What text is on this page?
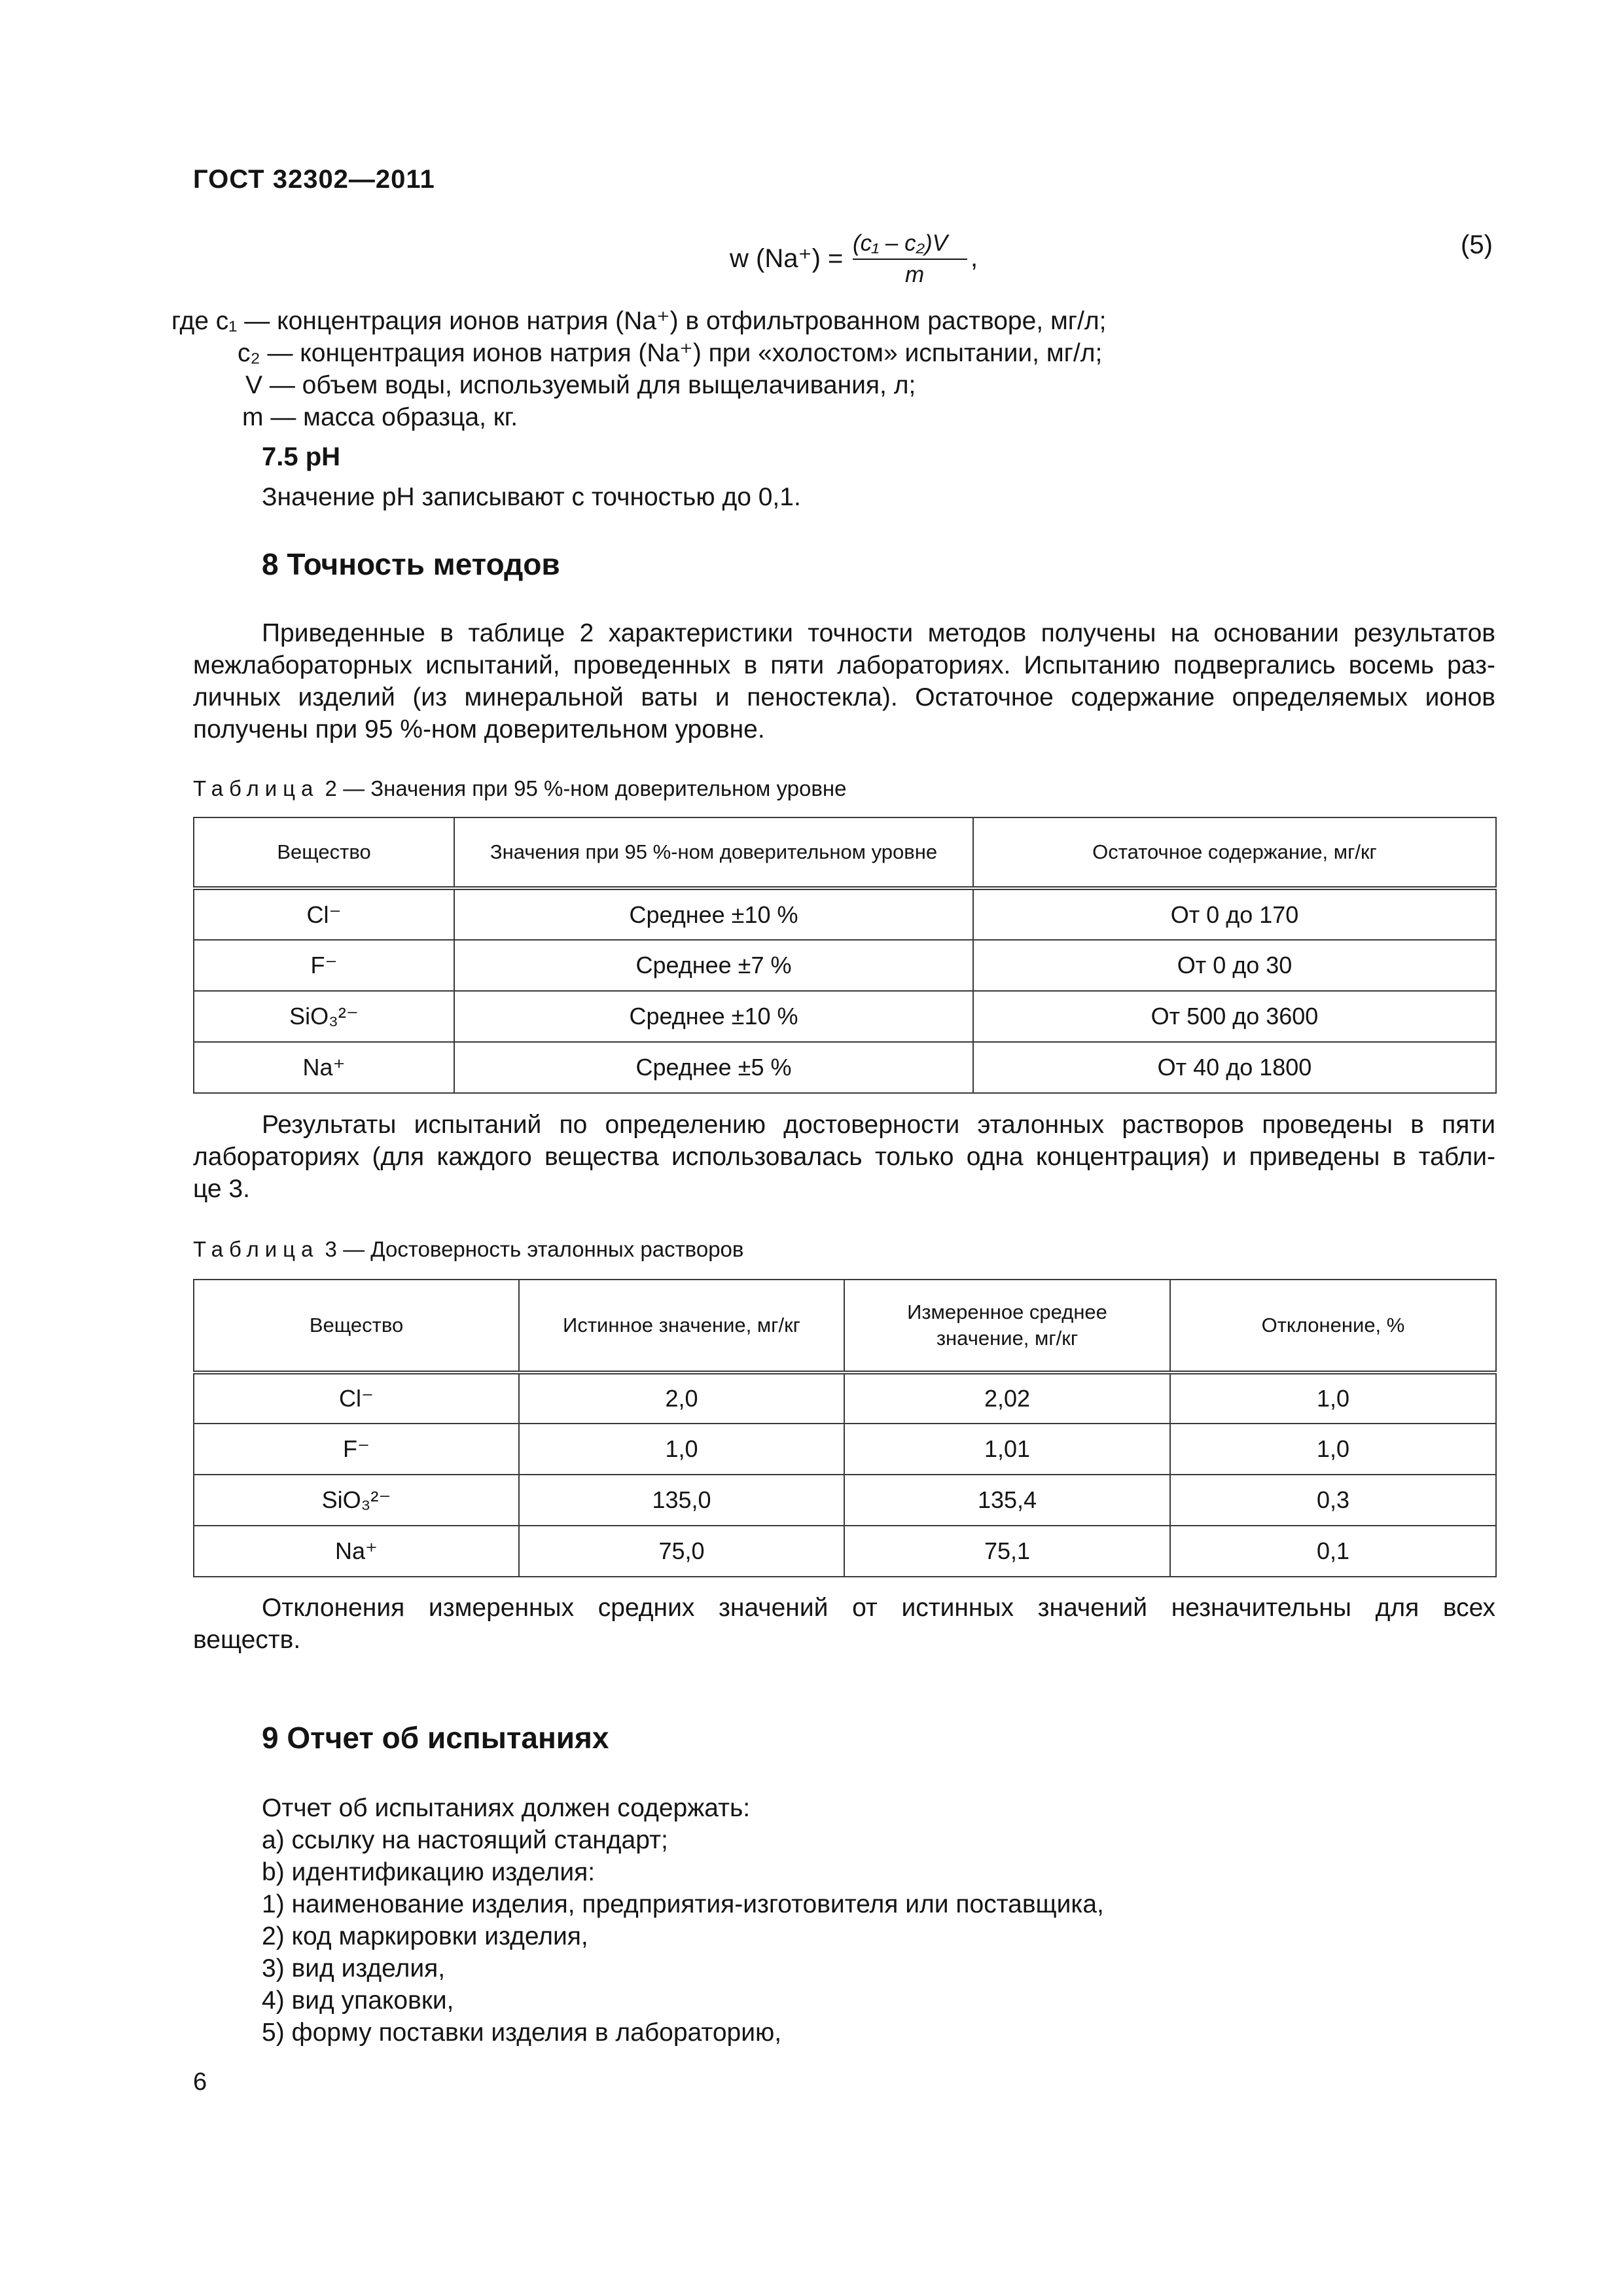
ГОСТ 32302—2011
w (Na⁺) =
(c₁ – c₂)V
m
,	(5)
где c₁ — концентрация ионов натрия (Na⁺) в отфильтрованном растворе, мг/л;
c₂ — концентрация ионов натрия (Na⁺) при «холостом» испытании, мг/л;
V — объем воды, используемый для выщелачивания, л;
m — масса образца, кг.
7.5 pH
Значение pH записывают с точностью до 0,1.
8 Точность методов
Приведенные в таблице 2 характеристики точности методов получены на основании результатов
межлабораторных испытаний, проведенных в пяти лабораториях. Испытанию подвергались восемь раз-
личных изделий (из минеральной ваты и пеностекла). Остаточное содержание определяемых ионов
получены при 95 %-ном доверительном уровне.
Таблица 2 — Значения при 95 %-ном доверительном уровне
Вещество	Значения при 95 %-ном доверительном уровне	Остаточное содержание, мг/кг
Cl⁻	Среднее ±10 %	От 0 до 170
F⁻	Среднее ±7 %	От 0 до 30
SiO₃²⁻	Среднее ±10 %	От 500 до 3600
Na⁺	Среднее ±5 %	От 40 до 1800
Результаты испытаний по определению достоверности эталонных растворов проведены в пяти
лабораториях (для каждого вещества использовалась только одна концентрация) и приведены в табли-
це 3.
Таблица 3 — Достоверность эталонных растворов
Вещество	Истинное значение, мг/кг	Измеренное среднее значение, мг/кг	Отклонение, %
Cl⁻	2,0	2,02	1,0
F⁻	1,0	1,01	1,0
SiO₃²⁻	135,0	135,4	0,3
Na⁺	75,0	75,1	0,1
Отклонения измеренных средних значений от истинных значений незначительны для всех
веществ.
9 Отчет об испытаниях
Отчет об испытаниях должен содержать:
a) ссылку на настоящий стандарт;
b) идентификацию изделия:
1) наименование изделия, предприятия-изготовителя или поставщика,
2) код маркировки изделия,
3) вид изделия,
4) вид упаковки,
5) форму поставки изделия в лабораторию,
6
